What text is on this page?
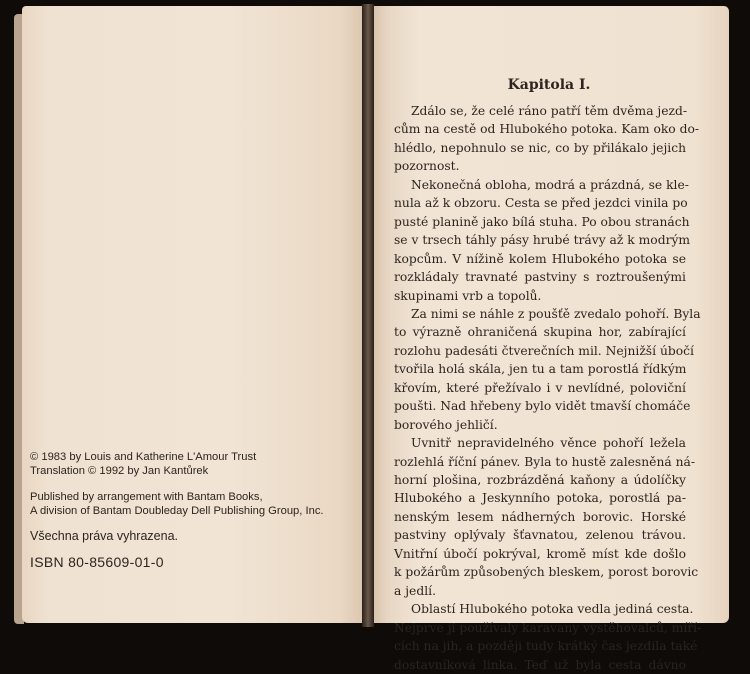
© 1983 by Louis and Katherine L'Amour Trust
Translation © 1992 by Jan Kantůrek
Published by arrangement with Bantam Books,
A division of Bantam Doubleday Dell Publishing Group, Inc.
Všechna práva vyhrazena.
ISBN 80-85609-01-0
Kapitola I.
Zdálo se, že celé ráno patří těm dvěma jezd-
cům na cestě od Hlubokého potoka. Kam oko do-
hlédlo, nepohnulo se nic, co by přilákalo jejich
pozornost.
Nekonečná obloha, modrá a prázdná, se kle-
nula až k obzoru. Cesta se před jezdci vinila po
pusté planině jako bílá stuha. Po obou stranách
se v trsech táhly pásy hrubé trávy až k modrým
kopcům. V nížině kolem Hlubokého potoka se
rozkládaly travnaté pastviny s roztroušenými
skupinami vrb a topolů.
Za nimi se náhle z poušťě zvedalo pohoří. Byla
to výrazně ohraničená skupina hor, zabírající
rozlohu padesáti čtverečních mil. Nejnižší úbočí
tvořila holá skála, jen tu a tam porostlá řídkým
křovím, které přežívalo i v nevlídné, poloviční
poušti. Nad hřebeny bylo vidět tmavší chomáče
borového jehličí.
Uvnitř nepravidelného věnce pohoří ležela
rozlehlá říční pánev. Byla to hustě zalesněná ná-
horní plošina, rozbrázděná kaňony a údolíčky
Hlubokého a Jeskynního potoka, porostlá pa-
nenským lesem nádherných borovic. Horské
pastviny oplývaly šťavnatou, zelenou trávou.
Vnitřní úbočí pokrýval, kromě míst kde došlo
k požárům způsobených bleskem, porost borovic
a jedlí.
Oblastí Hlubokého potoka vedla jediná cesta.
Nejprve ji používaly karavany vystěhovalců, míří-
cích na jih, a později tudy krátký čas jezdila také
dostavníková linka. Teď už byla cesta dávno
